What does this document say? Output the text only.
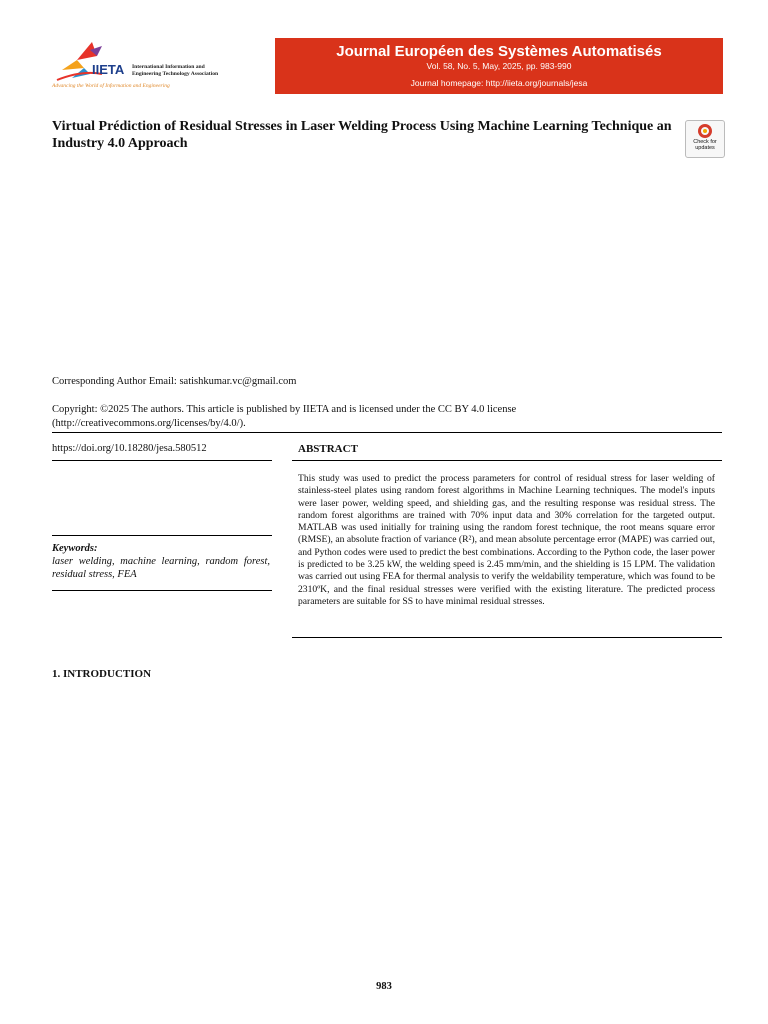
IIETA International Information and
Engineering Technology Association
Advancing the World of Information and Engineering
Journal Européen des Systèmes Automatisés
Vol. 58, No. 5, May, 2025, pp. 983-990
Journal homepage: http://iieta.org/journals/jesa
Virtual Prédiction of Residual Stresses in Laser Welding Process Using Machine Learning Technique an Industry 4.0 Approach	Check for updates
Corresponding Author Email: satishkumar.vc@gmail.com
Copyright: ©2025 The authors. This article is published by IIETA and is licensed under the CC BY 4.0 license (http://creativecommons.org/licenses/by/4.0/).
https://doi.org/10.18280/jesa.580512
Keywords:
laser welding, machine learning, random forest, residual stress, FEA
ABSTRACT
This study was used to predict the process parameters for control of residual stress for laser welding of stainless-steel plates using random forest algorithms in Machine Learning techniques. The model's inputs were laser power, welding speed, and shielding gas, and the resulting response was residual stress. The random forest algorithms are trained with 70% input data and 30% correlation for the targeted output. MATLAB was used initially for training using the random forest technique, the root means square error (RMSE), an absolute fraction of variance (R²), and mean absolute percentage error (MAPE) was carried out, and Python codes were used to predict the best combinations. According to the Python code, the laser power is predicted to be 3.25 kW, the welding speed is 2.45 mm/min, and the shielding is 15 LPM. The validation was carried out using FEA for thermal analysis to verify the weldability temperature, which was found to be 2310ºK, and the final residual stresses were verified with the existing literature. The predicted process parameters are suitable for SS to have minimal residual stresses.
1. INTRODUCTION
983
